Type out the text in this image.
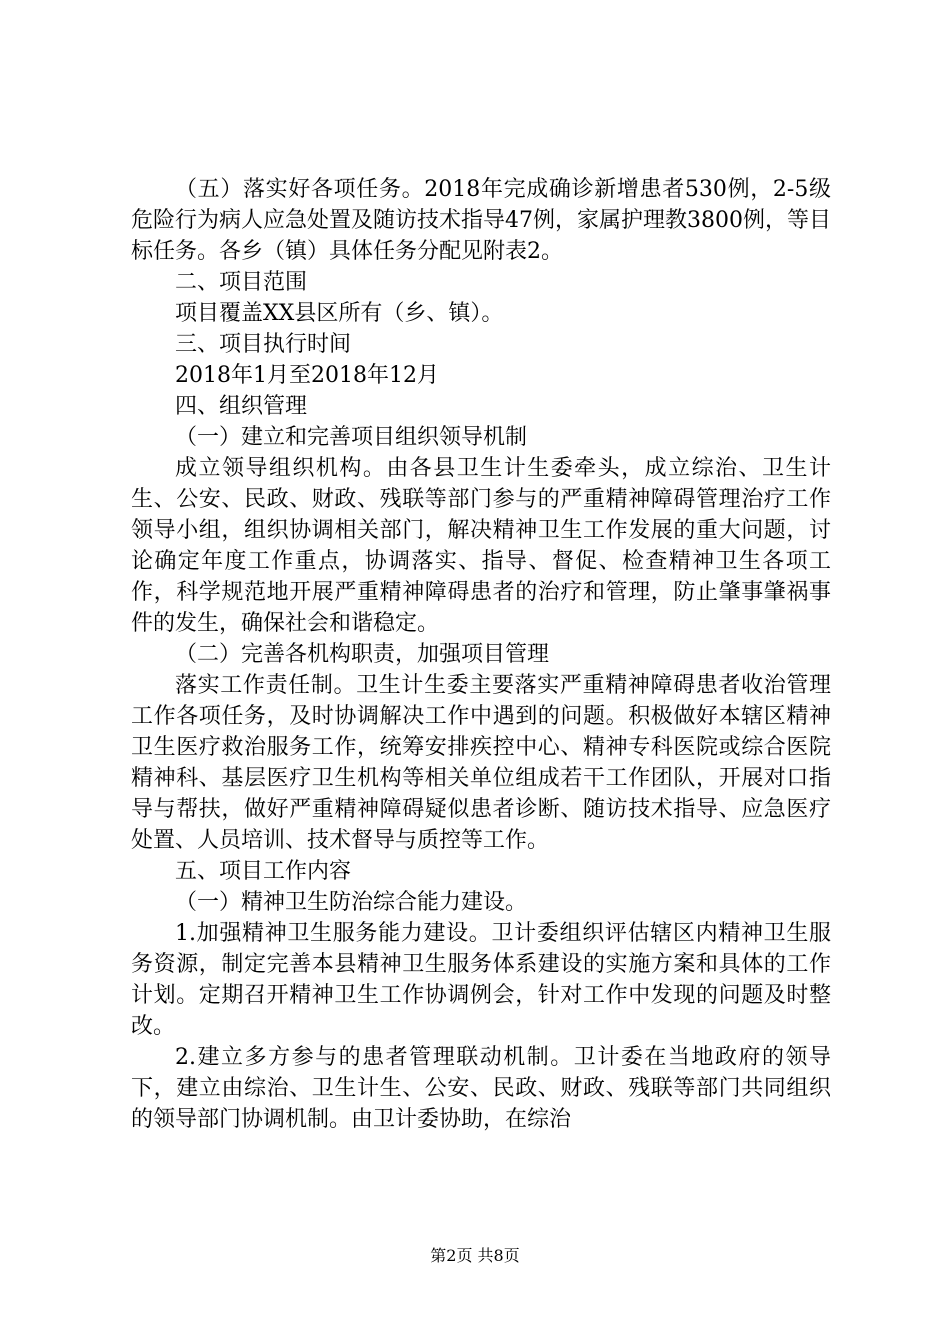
（五）落实好各项任务。2018年完成确诊新增患者530例，2-5级危险行为病人应急处置及随访技术指导47例，家属护理教3800例，等目标任务。各乡（镇）具体任务分配见附表2。

二、项目范围

项目覆盖XX县区所有（乡、镇）。

三、项目执行时间

2018年1月至2018年12月

四、组织管理

（一）建立和完善项目组织领导机制

成立领导组织机构。由各县卫生计生委牵头，成立综治、卫生计生、公安、民政、财政、残联等部门参与的严重精神障碍管理治疗工作领导小组，组织协调相关部门，解决精神卫生工作发展的重大问题，讨论确定年度工作重点，协调落实、指导、督促、检查精神卫生各项工作，科学规范地开展严重精神障碍患者的治疗和管理，防止肇事肇祸事件的发生，确保社会和谐稳定。

（二）完善各机构职责，加强项目管理

落实工作责任制。卫生计生委主要落实严重精神障碍患者收治管理工作各项任务，及时协调解决工作中遇到的问题。积极做好本辖区精神卫生医疗救治服务工作，统筹安排疾控中心、精神专科医院或综合医院精神科、基层医疗卫生机构等相关单位组成若干工作团队，开展对口指导与帮扶，做好严重精神障碍疑似患者诊断、随访技术指导、应急医疗处置、人员培训、技术督导与质控等工作。

五、项目工作内容

（一）精神卫生防治综合能力建设。

1.加强精神卫生服务能力建设。卫计委组织评估辖区内精神卫生服务资源，制定完善本县精神卫生服务体系建设的实施方案和具体的工作计划。定期召开精神卫生工作协调例会，针对工作中发现的问题及时整改。

2.建立多方参与的患者管理联动机制。卫计委在当地政府的领导下，建立由综治、卫生计生、公安、民政、财政、残联等部门共同组织的领导部门协调机制。由卫计委协助，在综治

第2页 共8页
